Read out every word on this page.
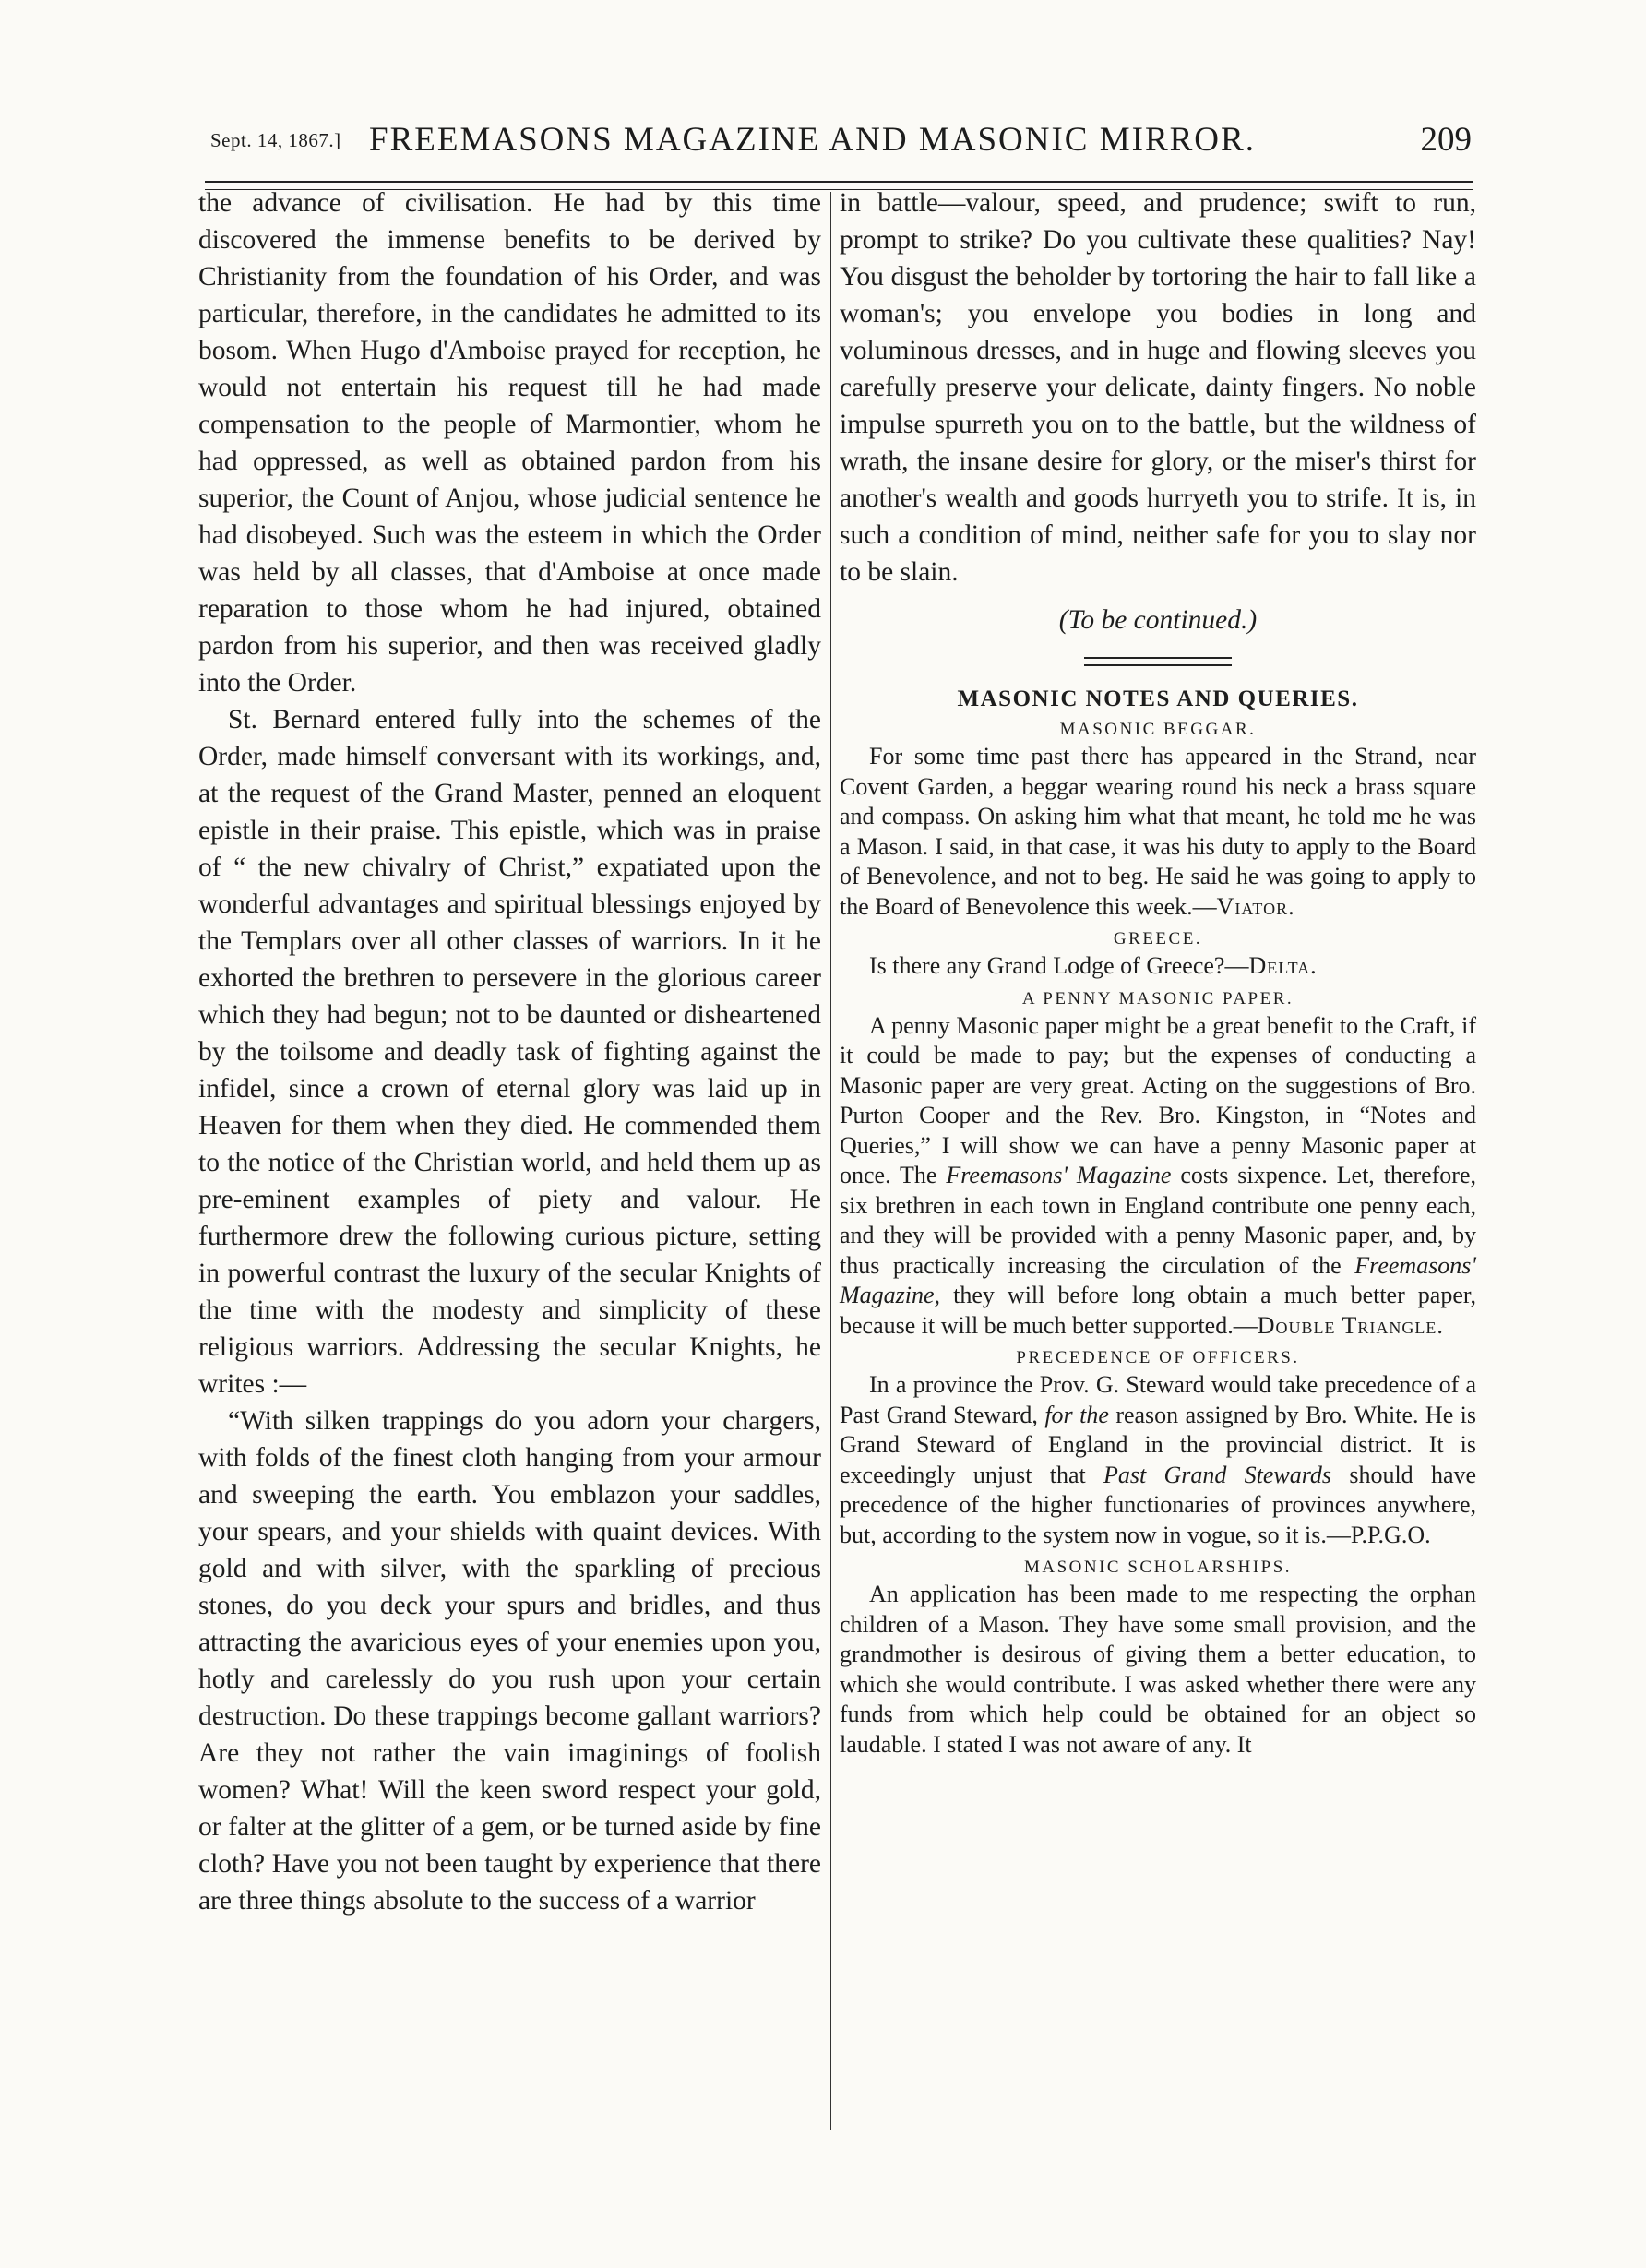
Sept. 14, 1867.] FREEMASONS MAGAZINE AND MASONIC MIRROR.	209

the advance of civilisation. He had by this time discovered the immense benefits to be derived by Christianity from the foundation of his Order, and was particular, therefore, in the candidates he admitted to its bosom. When Hugo d'Amboise prayed for reception, he would not entertain his request till he had made compensation to the people of Marmontier, whom he had oppressed, as well as obtained pardon from his superior, the Count of Anjou, whose judicial sentence he had disobeyed. Such was the esteem in which the Order was held by all classes, that d'Amboise at once made reparation to those whom he had injured, obtained pardon from his superior, and then was received gladly into the Order.

St. Bernard entered fully into the schemes of the Order, made himself conversant with its workings, and, at the request of the Grand Master, penned an eloquent epistle in their praise. This epistle, which was in praise of “ the new chivalry of Christ,” expatiated upon the wonderful advantages and spiritual blessings enjoyed by the Templars over all other classes of warriors. In it he exhorted the brethren to persevere in the glorious career which they had begun; not to be daunted or disheartened by the toilsome and deadly task of fighting against the infidel, since a crown of eternal glory was laid up in Heaven for them when they died. He commended them to the notice of the Christian world, and held them up as pre-eminent examples of piety and valour. He furthermore drew the following curious picture, setting in powerful contrast the luxury of the secular Knights of the time with the modesty and simplicity of these religious warriors. Addressing the secular Knights, he writes :—

“With silken trappings do you adorn your chargers, with folds of the finest cloth hanging from your armour and sweeping the earth. You emblazon your saddles, your spears, and your shields with quaint devices. With gold and with silver, with the sparkling of precious stones, do you deck your spurs and bridles, and thus attracting the avaricious eyes of your enemies upon you, hotly and carelessly do you rush upon your certain destruction. Do these trappings become gallant warriors? Are they not rather the vain imaginings of foolish women? What! Will the keen sword respect your gold, or falter at the glitter of a gem, or be turned aside by fine cloth? Have you not been taught by experience that there are three things absolute to the success of a warrior

in battle—valour, speed, and prudence; swift to run, prompt to strike? Do you cultivate these qualities? Nay! You disgust the beholder by tortoring the hair to fall like a woman's; you envelope you bodies in long and voluminous dresses, and in huge and flowing sleeves you carefully preserve your delicate, dainty fingers. No noble impulse spurreth you on to the battle, but the wildness of wrath, the insane desire for glory, or the miser's thirst for another's wealth and goods hurryeth you to strife. It is, in such a condition of mind, neither safe for you to slay nor to be slain.

(To be continued.)

MASONIC NOTES AND QUERIES.
MASONIC BEGGAR.

For some time past there has appeared in the Strand, near Covent Garden, a beggar wearing round his neck a brass square and compass. On asking him what that meant, he told me he was a Mason. I said, in that case, it was his duty to apply to the Board of Benevolence, and not to beg. He said he was going to apply to the Board of Benevolence this week.—Viator.

GREECE.

Is there any Grand Lodge of Greece?—Delta.

A PENNY MASONIC PAPER.

A penny Masonic paper might be a great benefit to the Craft, if it could be made to pay; but the expenses of conducting a Masonic paper are very great. Acting on the suggestions of Bro. Purton Cooper and the Rev. Bro. Kingston, in “Notes and Queries,” I will show we can have a penny Masonic paper at once. The Freemasons' Magazine costs sixpence. Let, therefore, six brethren in each town in England contribute one penny each, and they will be provided with a penny Masonic paper, and, by thus practically increasing the circulation of the Freemasons' Magazine, they will before long obtain a much better paper, because it will be much better supported.—Double Triangle.

PRECEDENCE OF OFFICERS.

In a province the Prov. G. Steward would take precedence of a Past Grand Steward, for the reason assigned by Bro. White. He is Grand Steward of England in the provincial district. It is exceedingly unjust that Past Grand Stewards should have precedence of the higher functionaries of provinces anywhere, but, according to the system now in vogue, so it is.—P.P.G.O.

MASONIC SCHOLARSHIPS.

An application has been made to me respecting the orphan children of a Mason. They have some small provision, and the grandmother is desirous of giving them a better education, to which she would contribute. I was asked whether there were any funds from which help could be obtained for an object so laudable. I stated I was not aware of any. It
